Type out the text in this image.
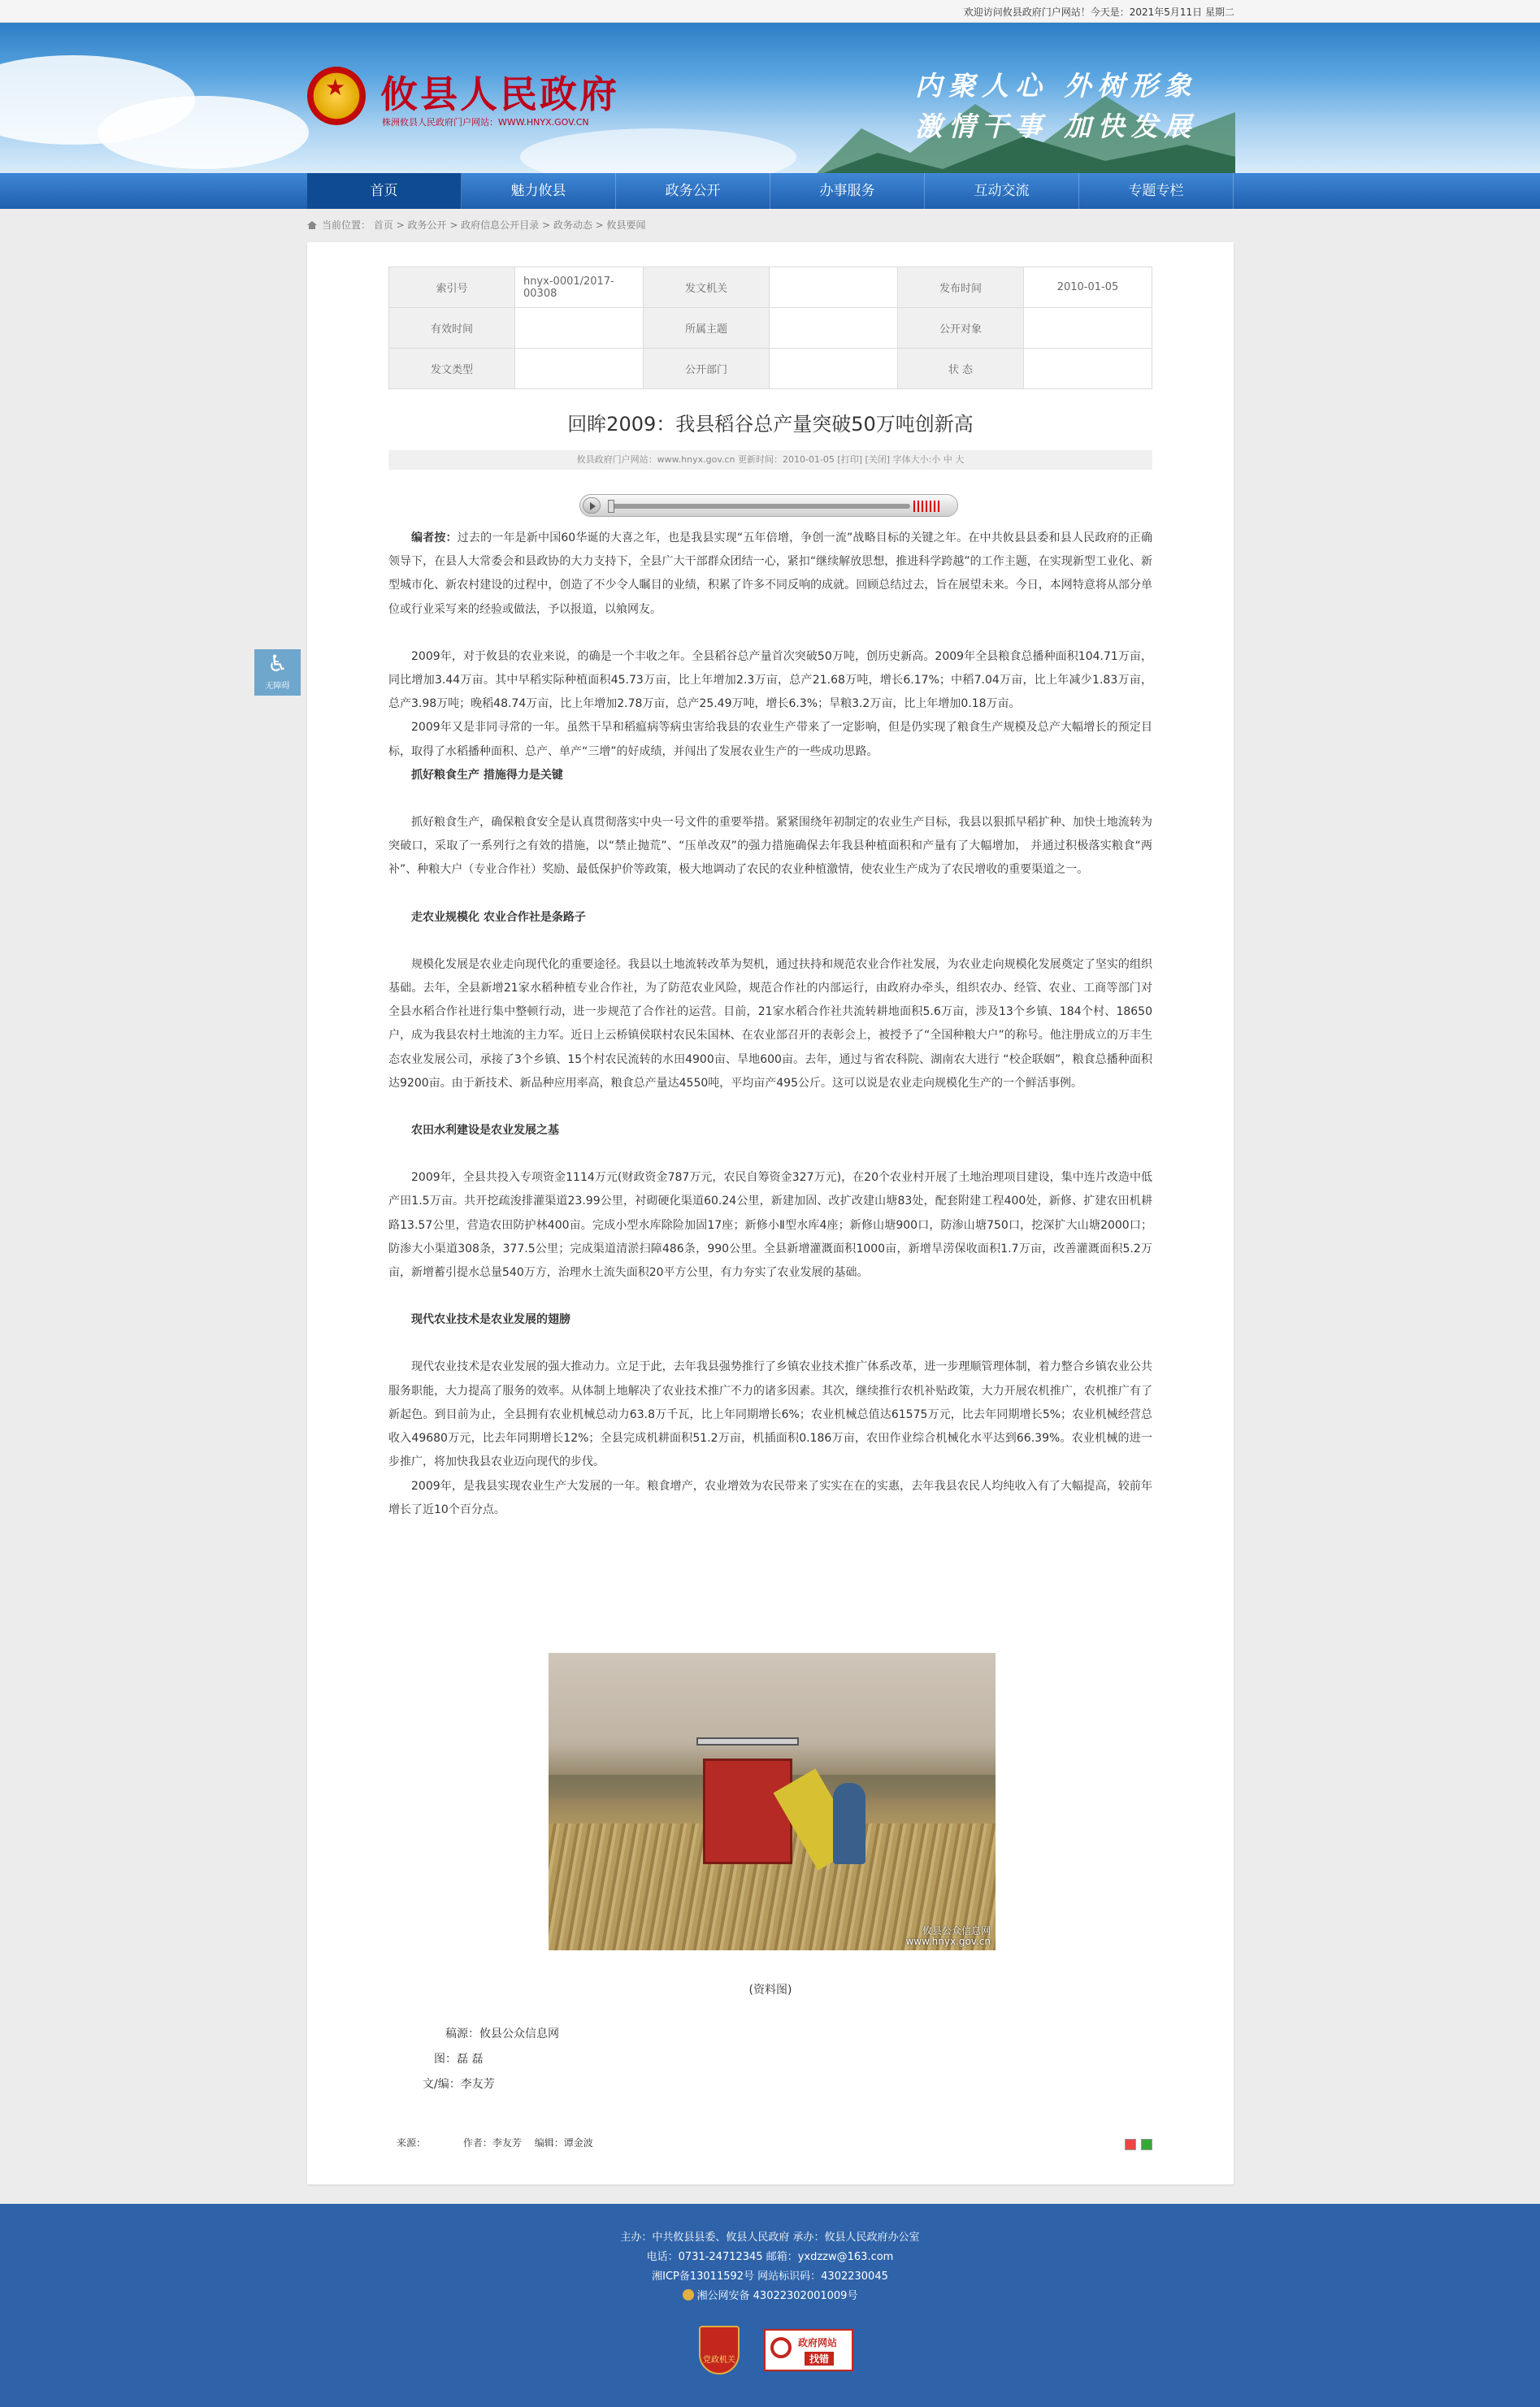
欢迎访问攸县政府门户网站！今天是：2021年5月11日 星期二
★ 攸县人民政府
株洲攸县人民政府门户网站：WWW.HNYX.GOV.CN
内聚人心 外树形象
激情干事 加快发展
首页	魅力攸县	政务公开	办事服务	互动交流	专题专栏
当前位置： 首页 > 政务公开 > 政府信息公开目录 > 政务动态 > 攸县要闻
♿
无障碍
索引号	hnyx-0001/2017-00308	发文机关		发布时间	2010-01-05
有效时间		所属主题		公开对象	
发文类型		公开部门		状 态	
回眸2009：我县稻谷总产量突破50万吨创新高
攸县政府门户网站：www.hnyx.gov.cn 更新时间：2010-01-05 [打印] [关闭] 字体大小:小 中 大

编者按：过去的一年是新中国60华诞的大喜之年，也是我县实现“五年倍增，争创一流”战略目标的关键之年。在中共攸县县委和县人民政府的正确领导下，在县人大常委会和县政协的大力支持下，全县广大干部群众团结一心，紧扣“继续解放思想，推进科学跨越”的工作主题，在实现新型工业化、新型城市化、新农村建设的过程中，创造了不少令人瞩目的业绩，积累了许多不同反响的成就。回顾总结过去，旨在展望未来。今日，本网特意将从部分单位或行业采写来的经验或做法，予以报道，以飨网友。

2009年，对于攸县的农业来说，的确是一个丰收之年。全县稻谷总产量首次突破50万吨，创历史新高。2009年全县粮食总播种面积104.71万亩，同比增加3.44万亩。其中早稻实际种植面积45.73万亩，比上年增加2.3万亩，总产21.68万吨，增长6.17%；中稻7.04万亩，比上年减少1.83万亩，总产3.98万吨；晚稻48.74万亩，比上年增加2.78万亩，总产25.49万吨，增长6.3%；旱粮3.2万亩，比上年增加0.18万亩。

2009年又是非同寻常的一年。虽然干旱和稻瘟病等病虫害给我县的农业生产带来了一定影响，但是仍实现了粮食生产规模及总产大幅增长的预定目标，取得了水稻播种面积、总产、单产“三增”的好成绩，并闯出了发展农业生产的一些成功思路。

抓好粮食生产 措施得力是关键

抓好粮食生产，确保粮食安全是认真贯彻落实中央一号文件的重要举措。紧紧围绕年初制定的农业生产目标，我县以狠抓早稻扩种、加快土地流转为突破口，采取了一系列行之有效的措施，以“禁止抛荒”、“压单改双”的强力措施确保去年我县种植面积和产量有了大幅增加， 并通过积极落实粮食“两补”、种粮大户（专业合作社）奖励、最低保护价等政策，极大地调动了农民的农业种植激情，使农业生产成为了农民增收的重要渠道之一。

走农业规模化 农业合作社是条路子

规模化发展是农业走向现代化的重要途径。我县以土地流转改革为契机，通过扶持和规范农业合作社发展，为农业走向规模化发展奠定了坚实的组织基础。去年，全县新增21家水稻种植专业合作社，为了防范农业风险，规范合作社的内部运行，由政府办牵头，组织农办、经管、农业、工商等部门对全县水稻合作社进行集中整顿行动，进一步规范了合作社的运营。目前，21家水稻合作社共流转耕地面积5.6万亩，涉及13个乡镇、184个村、18650户，成为我县农村土地流的主力军。近日上云桥镇侯联村农民朱国林、在农业部召开的表彰会上，被授予了“全国种粮大户”的称号。他注册成立的万丰生态农业发展公司，承接了3个乡镇、15个村农民流转的水田4900亩、旱地600亩。去年，通过与省农科院、湖南农大进行 “校企联姻”，粮食总播种面积达9200亩。由于新技术、新品种应用率高，粮食总产量达4550吨，平均亩产495公斤。这可以说是农业走向规模化生产的一个鲜活事例。

农田水利建设是农业发展之基

2009年，全县共投入专项资金1114万元(财政资金787万元，农民自筹资金327万元)，在20个农业村开展了土地治理项目建设，集中连片改造中低产田1.5万亩。共开挖疏浚排灌渠道23.99公里，衬砌硬化渠道60.24公里，新建加固、改扩改建山塘83处，配套附建工程400处，新修、扩建农田机耕路13.57公里，营造农田防护林400亩。完成小型水库除险加固17座；新修小Ⅱ型水库4座；新修山塘900口，防渗山塘750口，挖深扩大山塘2000口；防渗大小渠道308条，377.5公里；完成渠道清淤扫障486条，990公里。全县新增灌溉面积1000亩，新增旱涝保收面积1.7万亩，改善灌溉面积5.2万亩，新增蓄引提水总量540万方，治理水土流失面积20平方公里，有力夯实了农业发展的基础。

现代农业技术是农业发展的翅膀

现代农业技术是农业发展的强大推动力。立足于此，去年我县强势推行了乡镇农业技术推广体系改革，进一步理顺管理体制，着力整合乡镇农业公共服务职能，大力提高了服务的效率。从体制上地解决了农业技术推广不力的诸多因素。其次，继续推行农机补贴政策，大力开展农机推广，农机推广有了新起色。到目前为止，全县拥有农业机械总动力63.8万千瓦，比上年同期增长6%；农业机械总值达61575万元，比去年同期增长5%；农业机械经营总收入49680万元，比去年同期增长12%；全县完成机耕面积51.2万亩，机插面积0.186万亩，农田作业综合机械化水平达到66.39%。农业机械的进一步推广，将加快我县农业迈向现代的步伐。

2009年，是我县实现农业生产大发展的一年。粮食增产，农业增效为农民带来了实实在在的实惠，去年我县农民人均纯收入有了大幅提高，较前年增长了近10个百分点。

攸县公众信息网
www.hnyx.gov.cn
(资料图)
稿源：攸县公众信息网
图：磊 磊
文/编：李友芳
来源：	作者：李友芳 编辑：谭金波
主办：中共攸县县委、攸县人民政府 承办：攸县人民政府办公室
电话：0731-24712345 邮箱：yxdzzw@163.com
湘ICP备13011592号 网站标识码：4302230045
湘公网安备 43022302001009号
党政机关
政府网站
找错
